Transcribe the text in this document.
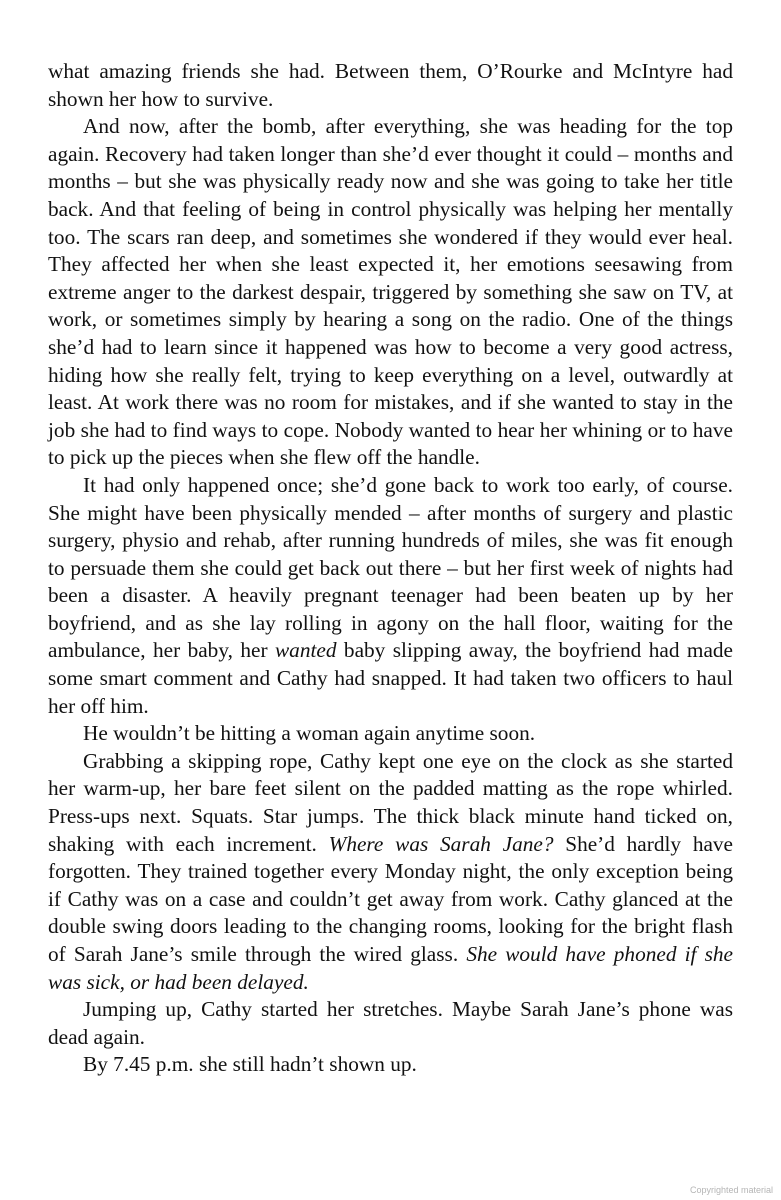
what amazing friends she had. Between them, O’Rourke and McIntyre had shown her how to survive.

And now, after the bomb, after everything, she was heading for the top again. Recovery had taken longer than she’d ever thought it could – months and months – but she was physically ready now and she was going to take her title back. And that feeling of being in control physically was helping her mentally too. The scars ran deep, and sometimes she wondered if they would ever heal. They affected her when she least expected it, her emotions seesawing from extreme anger to the darkest despair, triggered by something she saw on TV, at work, or sometimes simply by hearing a song on the radio. One of the things she’d had to learn since it happened was how to become a very good actress, hiding how she really felt, trying to keep everything on a level, outwardly at least. At work there was no room for mistakes, and if she wanted to stay in the job she had to find ways to cope. Nobody wanted to hear her whining or to have to pick up the pieces when she flew off the handle.

It had only happened once; she’d gone back to work too early, of course. She might have been physically mended – after months of surgery and plastic surgery, physio and rehab, after running hundreds of miles, she was fit enough to persuade them she could get back out there – but her first week of nights had been a disaster. A heavily pregnant teenager had been beaten up by her boyfriend, and as she lay rolling in agony on the hall floor, waiting for the ambulance, her baby, her wanted baby slipping away, the boyfriend had made some smart comment and Cathy had snapped. It had taken two officers to haul her off him.

He wouldn’t be hitting a woman again anytime soon.

Grabbing a skipping rope, Cathy kept one eye on the clock as she started her warm-up, her bare feet silent on the padded matting as the rope whirled. Press-ups next. Squats. Star jumps. The thick black minute hand ticked on, shaking with each increment. Where was Sarah Jane? She’d hardly have forgotten. They trained together every Monday night, the only exception being if Cathy was on a case and couldn’t get away from work. Cathy glanced at the double swing doors leading to the changing rooms, looking for the bright flash of Sarah Jane’s smile through the wired glass. She would have phoned if she was sick, or had been delayed.

Jumping up, Cathy started her stretches. Maybe Sarah Jane’s phone was dead again.

By 7.45 p.m. she still hadn’t shown up.

Copyrighted material
